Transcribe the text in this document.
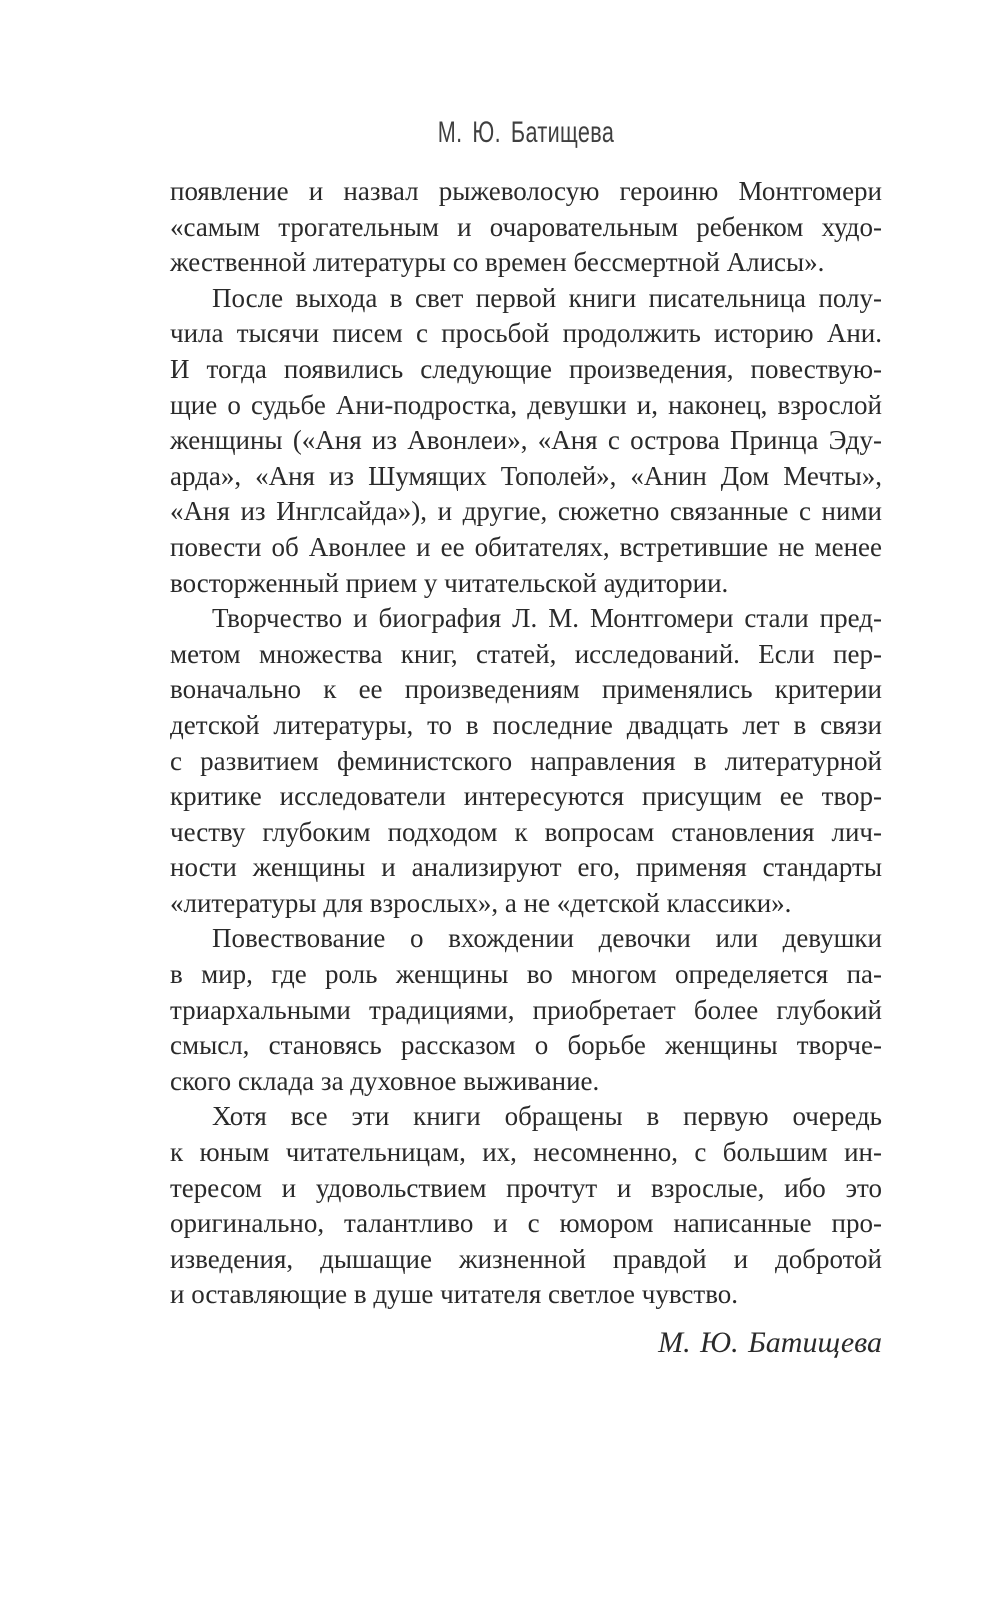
М. Ю. Батищева
появление и назвал рыжеволосую героиню Монтгомери
«самым трогательным и очаровательным ребенком худо-
жественной литературы со времен бессмертной Алисы».
После выхода в свет первой книги писательница полу-
чила тысячи писем с просьбой продолжить историю Ани.
И тогда появились следующие произведения, повествую-
щие о судьбе Ани-подростка, девушки и, наконец, взрослой
женщины («Аня из Авонлеи», «Аня с острова Принца Эду-
арда», «Аня из Шумящих Тополей», «Анин Дом Мечты»,
«Аня из Инглсайда»), и другие, сюжетно связанные с ними
повести об Авонлее и ее обитателях, встретившие не менее
восторженный прием у читательской аудитории.
Творчество и биография Л. М. Монтгомери стали пред-
метом множества книг, статей, исследований. Если пер-
воначально к ее произведениям применялись критерии
детской литературы, то в последние двадцать лет в связи
с развитием феминистского направления в литературной
критике исследователи интересуются присущим ее твор-
честву глубоким подходом к вопросам становления лич-
ности женщины и анализируют его, применяя стандарты
«литературы для взрослых», а не «детской классики».
Повествование о вхождении девочки или девушки
в мир, где роль женщины во многом определяется па-
триархальными традициями, приобретает более глубокий
смысл, становясь рассказом о борьбе женщины творче-
ского склада за духовное выживание.
Хотя все эти книги обращены в первую очередь
к юным читательницам, их, несомненно, с большим ин-
тересом и удовольствием прочтут и взрослые, ибо это
оригинально, талантливо и с юмором написанные про-
изведения, дышащие жизненной правдой и добротой
и оставляющие в душе читателя светлое чувство.
М. Ю. Батищева
